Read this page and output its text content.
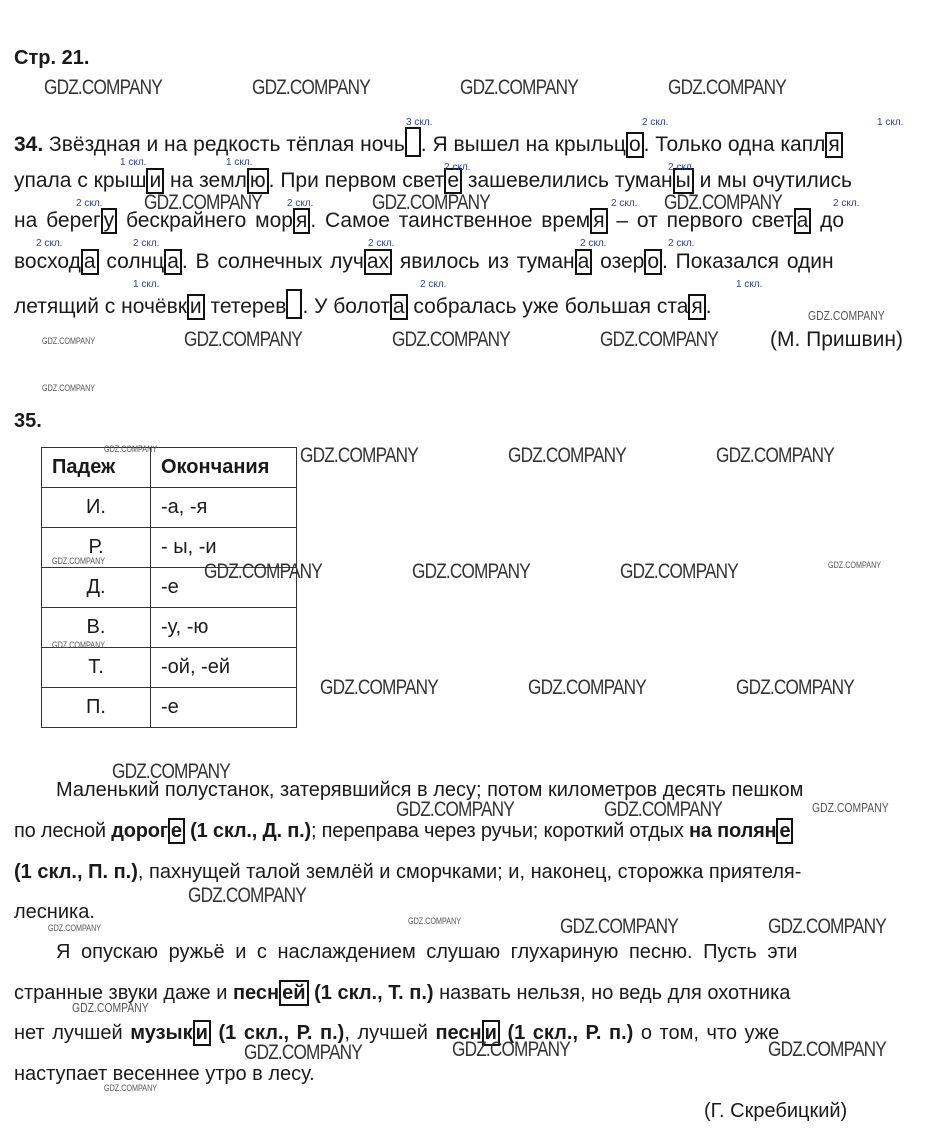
Стр. 21.
34. Звёздная и на редкость тёплая ночь . Я вышел на крыльц о . Только одна капл я
упала с крыш и на земл ю . При первом свет е зашевелились туман ы и мы очутились
на берег у бескрайнего мор я . Самое таинственное врем я – от первого свет а до
восход а солнц а . В солнечных луч ах явилось из туман а озер о . Показался один
летящий с ночёвк и тетерев . У болот а собралась уже большая ста я .
(М. Пришвин)
3 скл.	2 скл.	1 скл.
1 скл.	1 скл.	2 скл.	2 скл.
2 скл.	2 скл.	2 скл.	2 скл.
2 скл.	2 скл.	2 скл.	2 скл.	2 скл.
1 скл.	2 скл.	1 скл.
35.
Падеж	Окончания
И.	-а, -я
Р.	- ы, -и
Д.	-е
В.	-у, -ю
Т.	-ой, -ей
П.	-е
Маленький полустанок, затерявшийся в лесу; потом километров десять пешком
по лесной дорог е (1 скл., Д. п.); переправа через ручьи; короткий отдых на полян е
(1 скл., П. п.), пахнущей талой землёй и сморчками; и, наконец, сторожка приятеля-
лесника.
Я опускаю ружьё и с наслаждением слушаю глухариную песню. Пусть эти
странные звуки даже и песн ей (1 скл., Т. п.) назвать нельзя, но ведь для охотника
нет лучшей музык и (1 скл., Р. п.), лучшей песн и (1 скл., Р. п.) о том, что уже
наступает весеннее утро в лесу.
(Г. Скребицкий)
GDZ.COMPANY	GDZ.COMPANY	GDZ.COMPANY	GDZ.COMPANY
GDZ.COMPANY	GDZ.COMPANY	GDZ.COMPANY
GDZ.COMPANY	GDZ.COMPANY	GDZ.COMPANY
GDZ.COMPANY	GDZ.COMPANY	GDZ.COMPANY
GDZ.COMPANY	GDZ.COMPANY	GDZ.COMPANY
GDZ.COMPANY	GDZ.COMPANY	GDZ.COMPANY
GDZ.COMPANY
GDZ.COMPANY	GDZ.COMPANY
GDZ.COMPANY
GDZ.COMPANY	GDZ.COMPANY
GDZ.COMPANY	GDZ.COMPANY	GDZ.COMPANY
GDZ.COMPANY
GDZ.COMPANY
GDZ.COMPANY
GDZ.COMPANY
GDZ.COMPANY
GDZ.COMPANY
GDZ.COMPANY
GDZ.COMPANY
GDZ.COMPANY
GDZ.COMPANY
GDZ.COMPANY
GDZ.COMPANY
